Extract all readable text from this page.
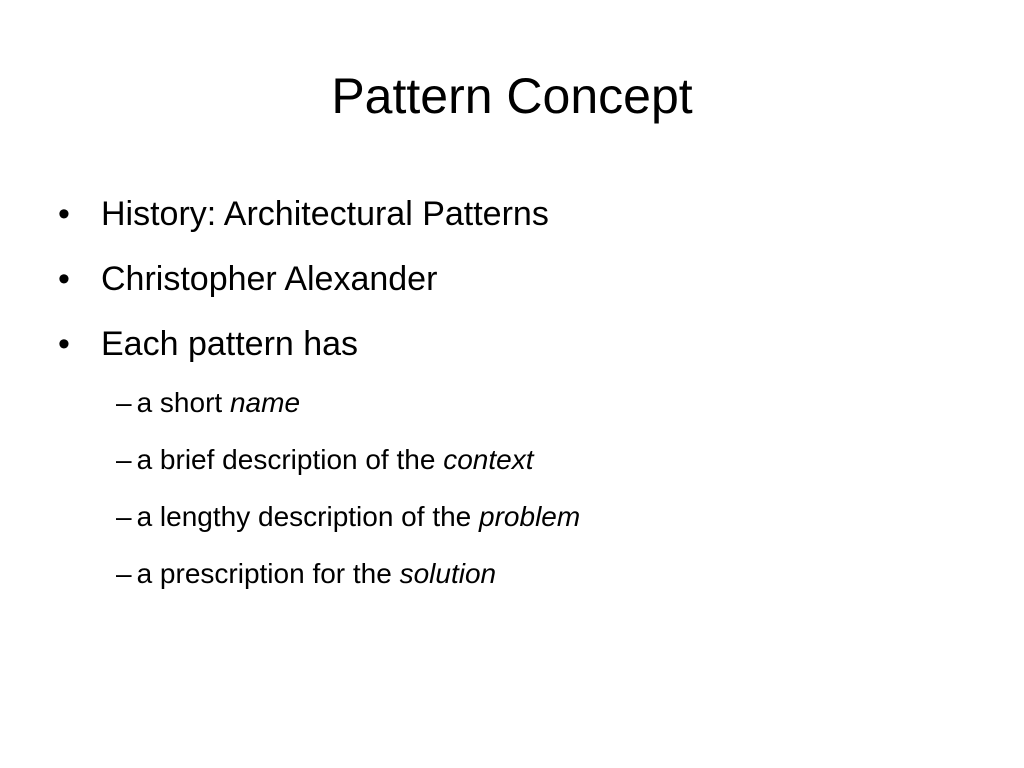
Pattern Concept
• History: Architectural Patterns
• Christopher Alexander
• Each pattern has
– a short name
– a brief description of the context
– a lengthy description of the problem
– a prescription for the solution
